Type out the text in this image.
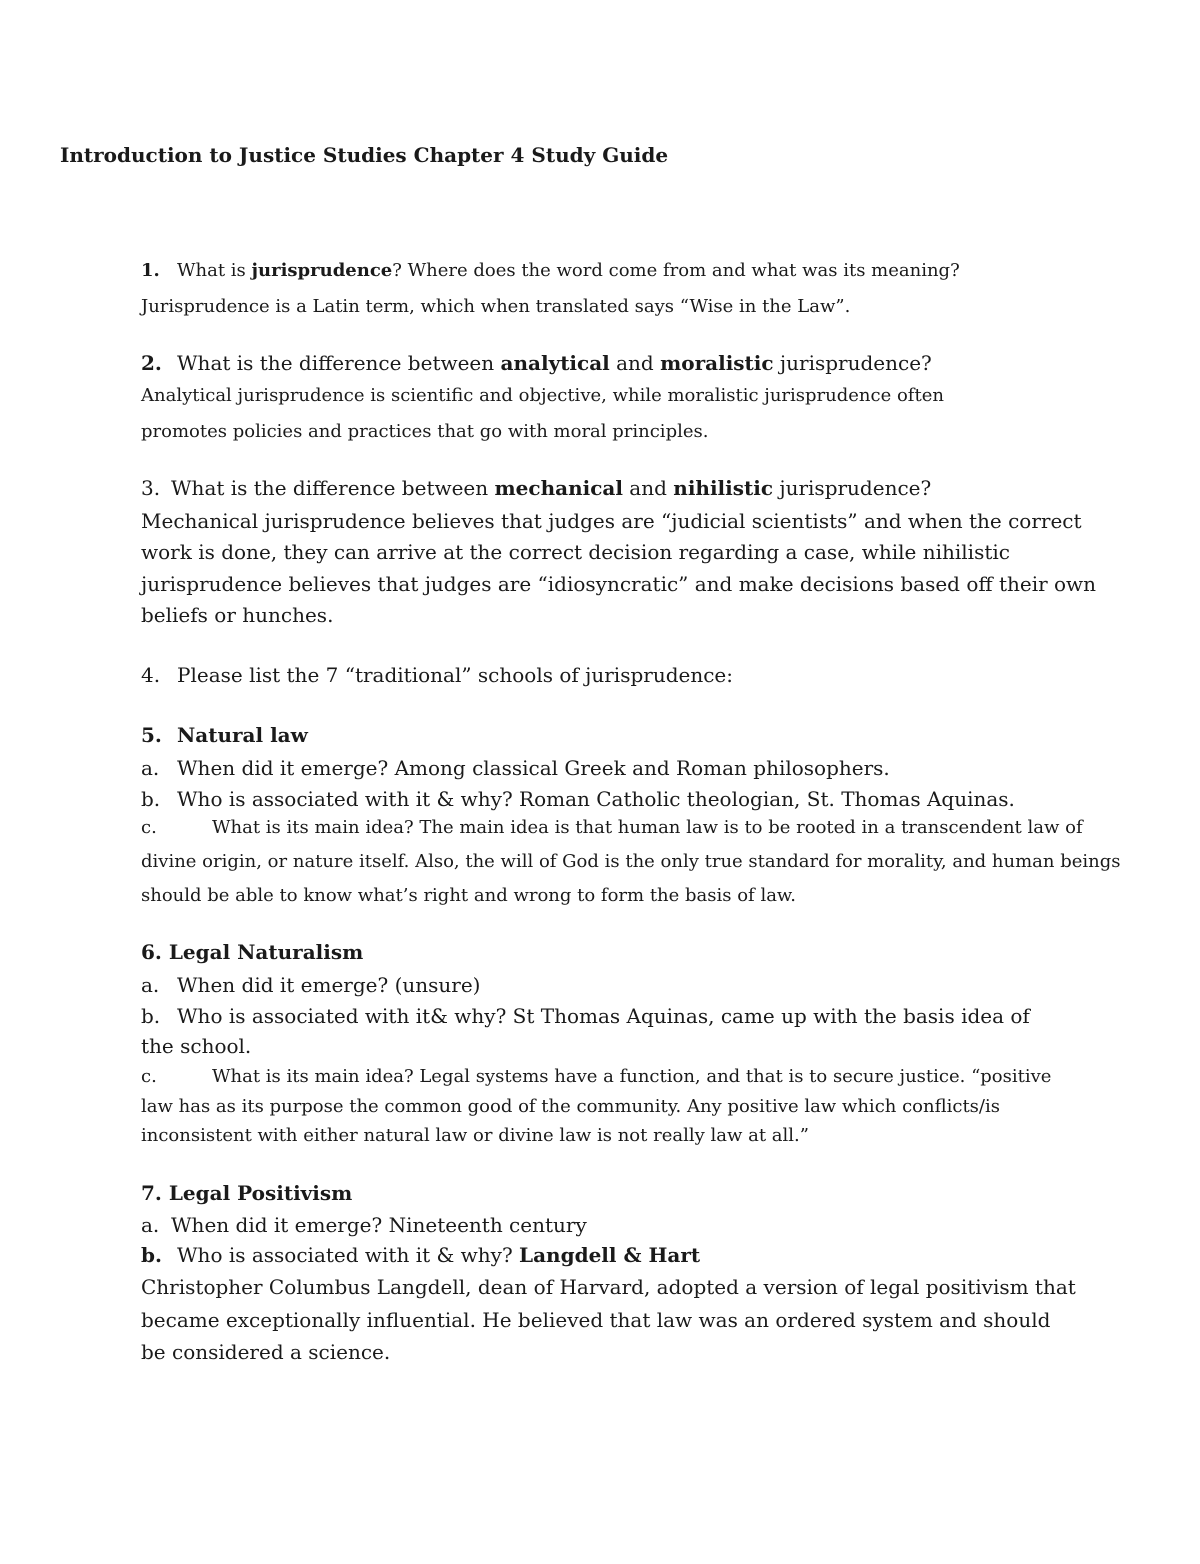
Introduction to Justice Studies Chapter 4 Study Guide
1. What is jurisprudence? Where does the word come from and what was its meaning?
Jurisprudence is a Latin term, which when translated says “Wise in the Law”.
2. What is the difference between analytical and moralistic jurisprudence?
Analytical jurisprudence is scientific and objective, while moralistic jurisprudence often
promotes policies and practices that go with moral principles.
3. What is the difference between mechanical and nihilistic jurisprudence?
Mechanical jurisprudence believes that judges are “judicial scientists” and when the correct
work is done, they can arrive at the correct decision regarding a case, while nihilistic
jurisprudence believes that judges are “idiosyncratic” and make decisions based off their own
beliefs or hunches.
4. Please list the 7 “traditional” schools of jurisprudence:
5. Natural law
a. When did it emerge? Among classical Greek and Roman philosophers.
b. Who is associated with it & why? Roman Catholic theologian, St. Thomas Aquinas.
c.	What is its main idea? The main idea is that human law is to be rooted in a transcendent law of
divine origin, or nature itself. Also, the will of God is the only true standard for morality, and human beings
should be able to know what’s right and wrong to form the basis of law.
6. Legal Naturalism
a. When did it emerge? (unsure)
b. Who is associated with it& why? St Thomas Aquinas, came up with the basis idea of
the school.
c.	What is its main idea? Legal systems have a function, and that is to secure justice. “positive
law has as its purpose the common good of the community. Any positive law which conflicts/is
inconsistent with either natural law or divine law is not really law at all.”
7. Legal Positivism
a. When did it emerge? Nineteenth century
b. Who is associated with it & why? Langdell & Hart
Christopher Columbus Langdell, dean of Harvard, adopted a version of legal positivism that
became exceptionally influential. He believed that law was an ordered system and should
be considered a science.
